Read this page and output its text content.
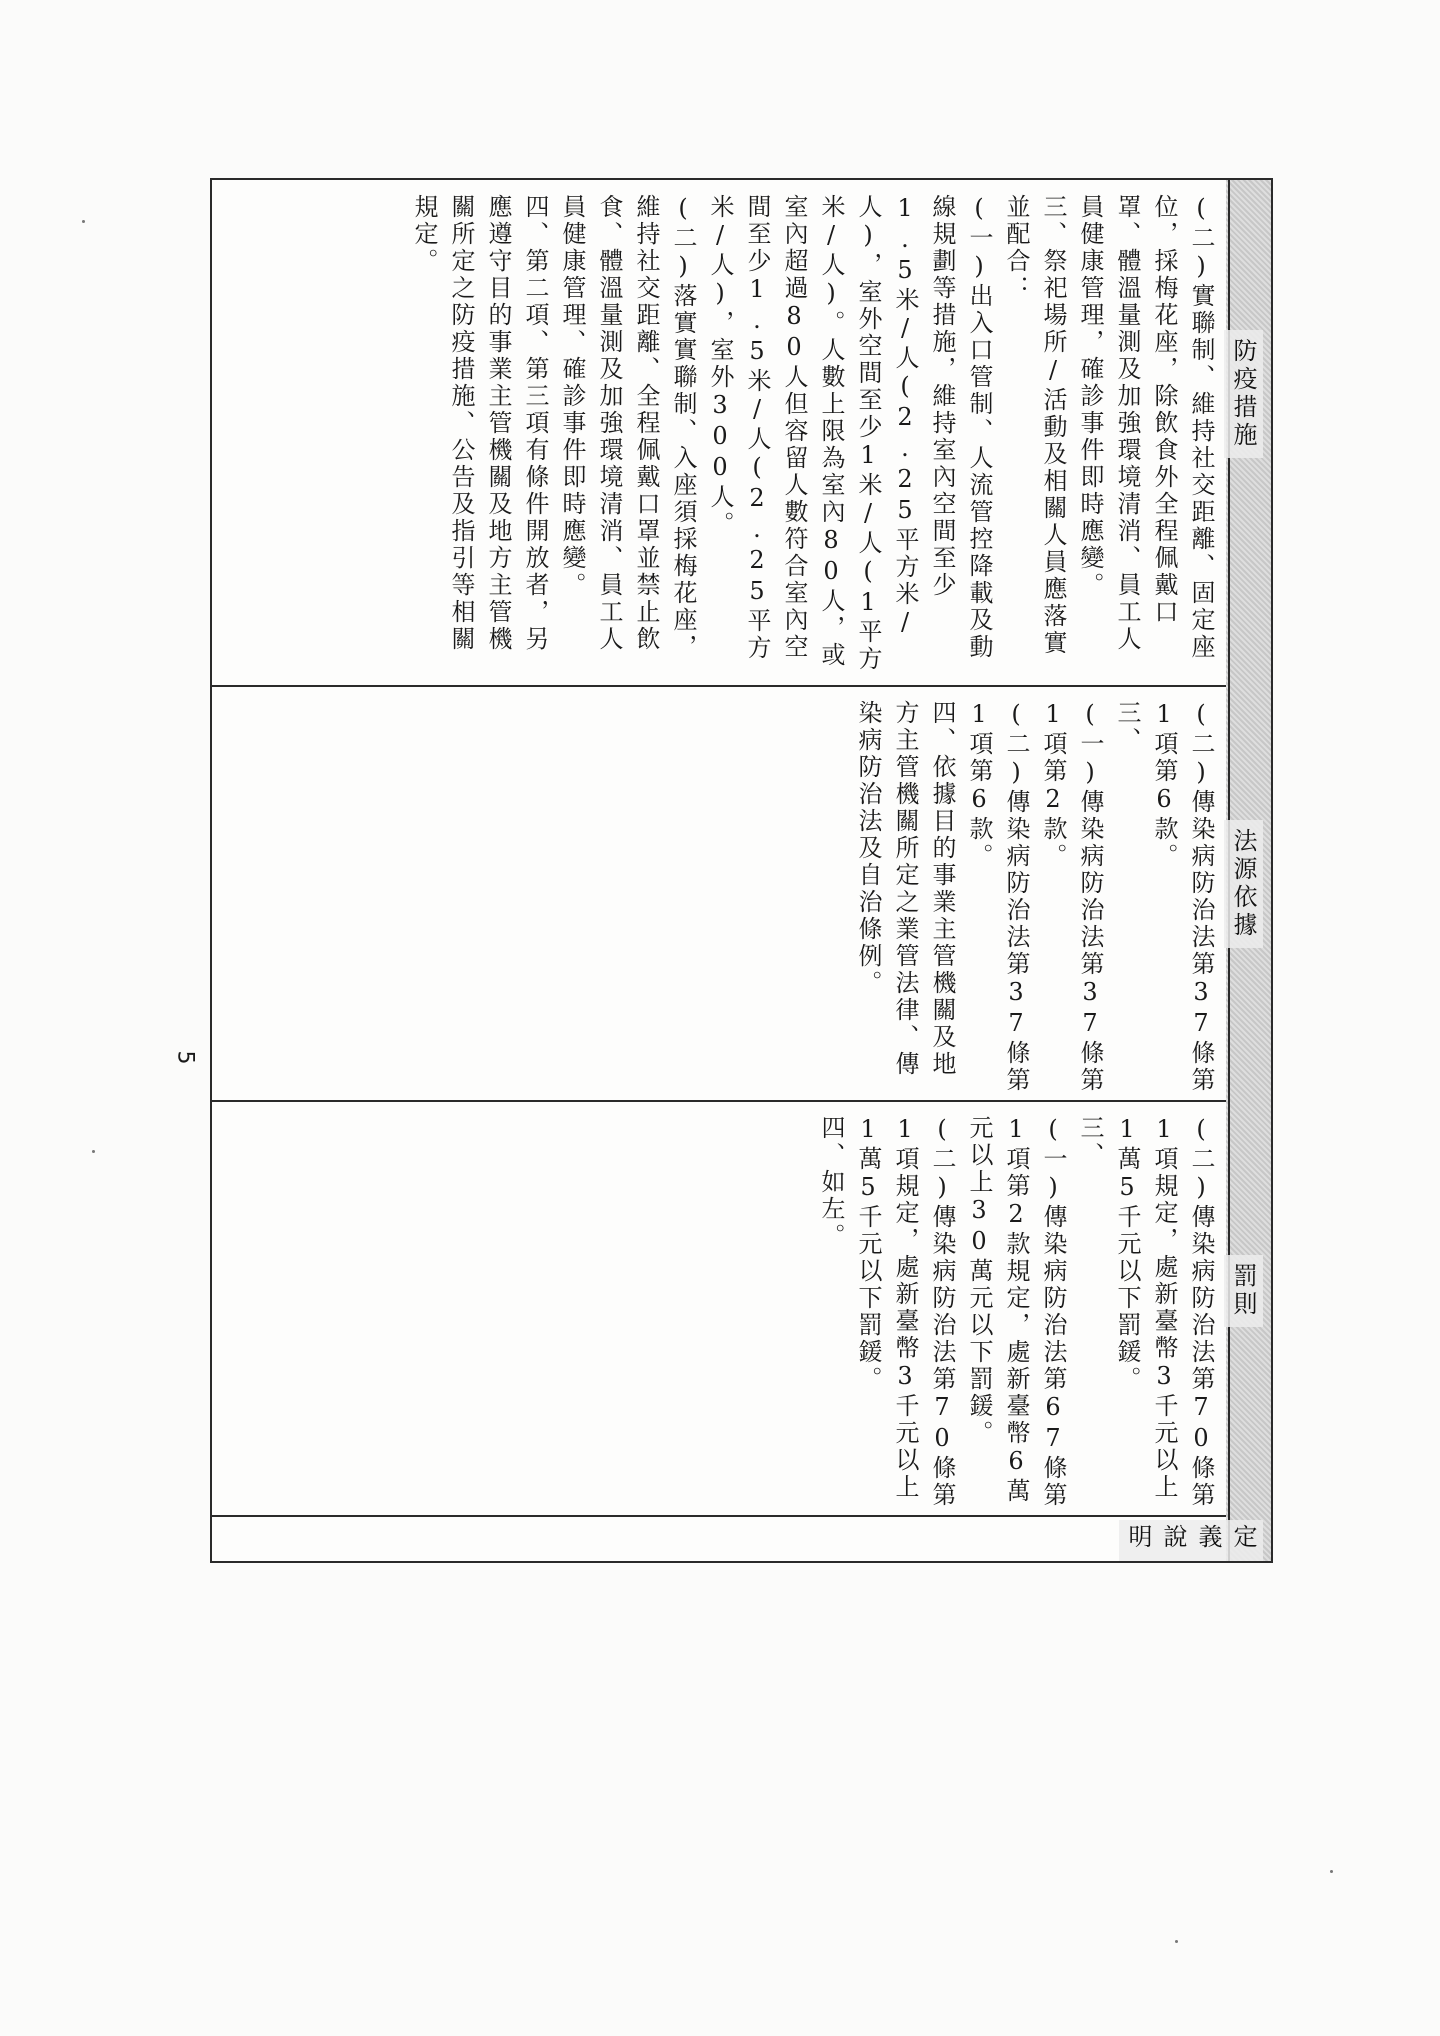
防疫措施
法源依據
罰則
定義說明

(二)實聯制、維持社交距離、固定座位，採梅花座，除飲食外全程佩戴口罩、體溫量測及加強環境清消、員工人員健康管理，確診事件即時應變。

三、祭祀場所/活動及相關人員應落實並配合：

(一)出入口管制、人流管控降載及動線規劃等措施，維持室內空間至少1.5米/人(2.25平方米/人)，室外空間至少1米/人(1平方米/人)。人數上限為室內80人，或室內超過80人但容留人數符合室內空間至少1.5米/人(2.25平方米/人)，室外300人。

(二)落實實聯制、入座須採梅花座，維持社交距離、全程佩戴口罩並禁止飲食、體溫量測及加強環境清消、員工人員健康管理、確診事件即時應變。

四、第二項、第三項有條件開放者，另應遵守目的事業主管機關及地方主管機關所定之防疫措施、公告及指引等相關規定。

(二)傳染病防治法第37條第1項第6款。

三、

(一)傳染病防治法第37條第1項第2款。

(二)傳染病防治法第37條第1項第6款。

四、依據目的事業主管機關及地方主管機關所定之業管法律、傳染病防治法及自治條例。

(二)傳染病防治法第70條第1項規定，處新臺幣3千元以上1萬5千元以下罰鍰。

三、

(一)傳染病防治法第67條第1項第2款規定，處新臺幣6萬元以上30萬元以下罰鍰。

(二)傳染病防治法第70條第1項規定，處新臺幣3千元以上1萬5千元以下罰鍰。

四、如左。

5
